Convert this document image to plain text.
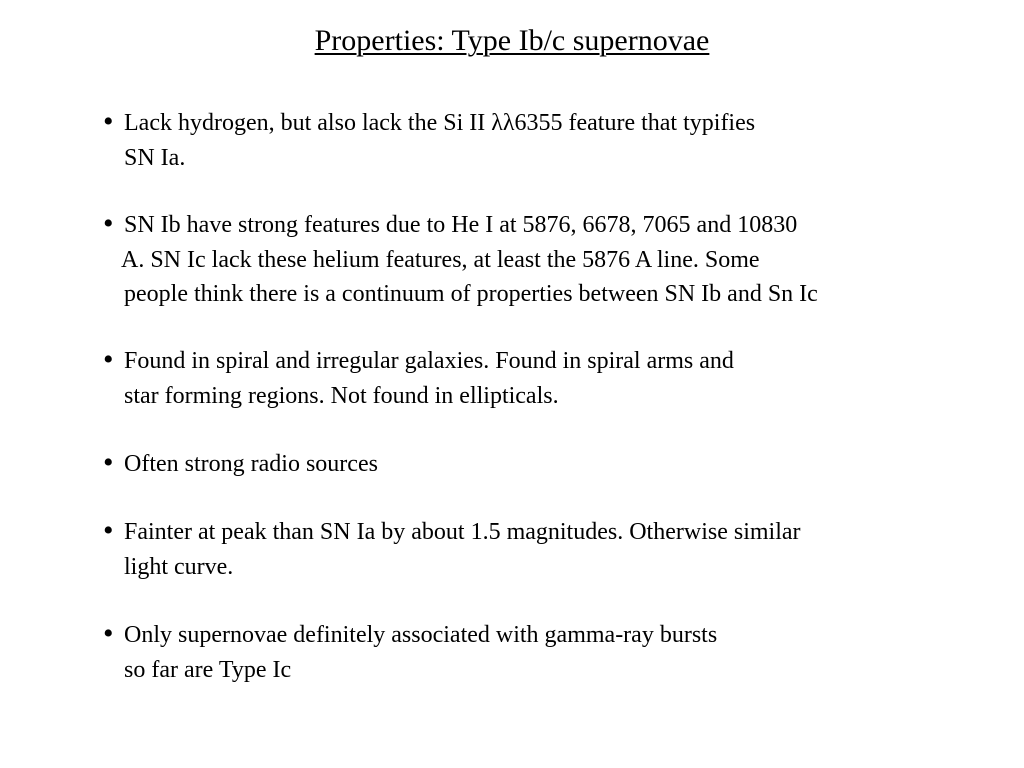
Properties: Type Ib/c supernovae
• Lack hydrogen, but also lack the Si II λλ6355 feature that typifies
SN Ia.
• SN Ib have strong features due to He I at 5876, 6678, 7065 and 10830
A. SN Ic lack these helium features, at least the 5876 A line. Some
people think there is a continuum of properties between SN Ib and Sn Ic
• Found in spiral and irregular galaxies. Found in spiral arms and
star forming regions. Not found in ellipticals.
• Often strong radio sources
• Fainter at peak than SN Ia by about 1.5 magnitudes. Otherwise similar
light curve.
• Only supernovae definitely associated with gamma-ray bursts
so far are Type Ic
